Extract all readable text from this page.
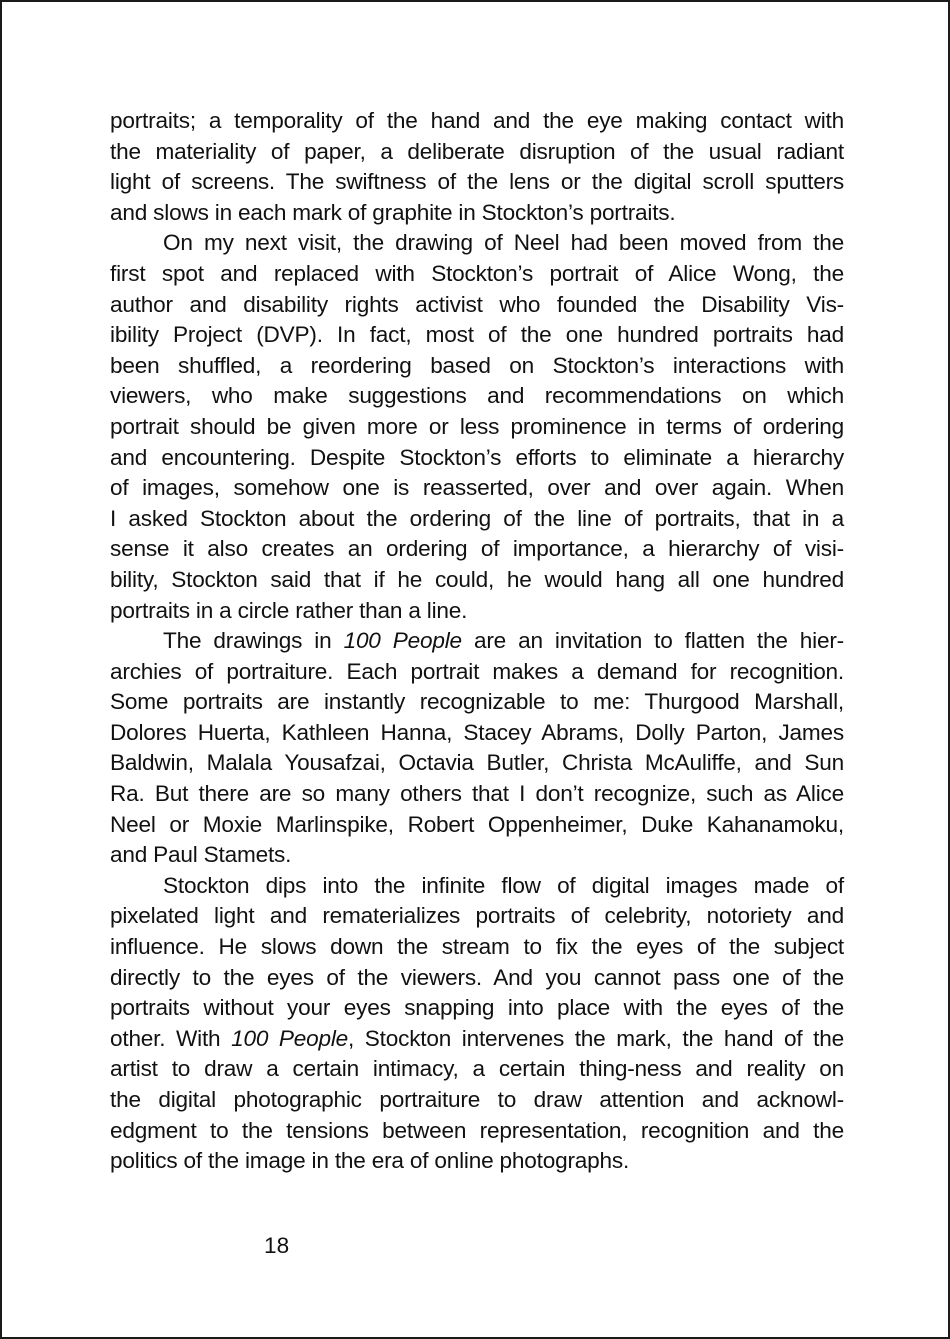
portraits; a temporality of the hand and the eye making contact with
the materiality of paper, a deliberate disruption of the usual radiant
light of screens. The swiftness of the lens or the digital scroll sputters
and slows in each mark of graphite in Stockton’s portraits.

On my next visit, the drawing of Neel had been moved from the
first spot and replaced with Stockton’s portrait of Alice Wong, the
author and disability rights activist who founded the Disability Vis-
ibility Project (DVP). In fact, most of the one hundred portraits had
been shuffled, a reordering based on Stockton’s interactions with
viewers, who make suggestions and recommendations on which
portrait should be given more or less prominence in terms of ordering
and encountering. Despite Stockton’s efforts to eliminate a hierarchy
of images, somehow one is reasserted, over and over again. When
I asked Stockton about the ordering of the line of portraits, that in a
sense it also creates an ordering of importance, a hierarchy of visi-
bility, Stockton said that if he could, he would hang all one hundred
portraits in a circle rather than a line.

The drawings in 100 People are an invitation to flatten the hier-
archies of portraiture. Each portrait makes a demand for recognition.
Some portraits are instantly recognizable to me: Thurgood Marshall,
Dolores Huerta, Kathleen Hanna, Stacey Abrams, Dolly Parton, James
Baldwin, Malala Yousafzai, Octavia Butler, Christa McAuliffe, and Sun
Ra. But there are so many others that I don’t recognize, such as Alice
Neel or Moxie Marlinspike, Robert Oppenheimer, Duke Kahanamoku,
and Paul Stamets.

Stockton dips into the infinite flow of digital images made of
pixelated light and rematerializes portraits of celebrity, notoriety and
influence. He slows down the stream to fix the eyes of the subject
directly to the eyes of the viewers. And you cannot pass one of the
portraits without your eyes snapping into place with the eyes of the
other. With 100 People, Stockton intervenes the mark, the hand of the
artist to draw a certain intimacy, a certain thing-ness and reality on
the digital photographic portraiture to draw attention and acknowl-
edgment to the tensions between representation, recognition and the
politics of the image in the era of online photographs.

18
